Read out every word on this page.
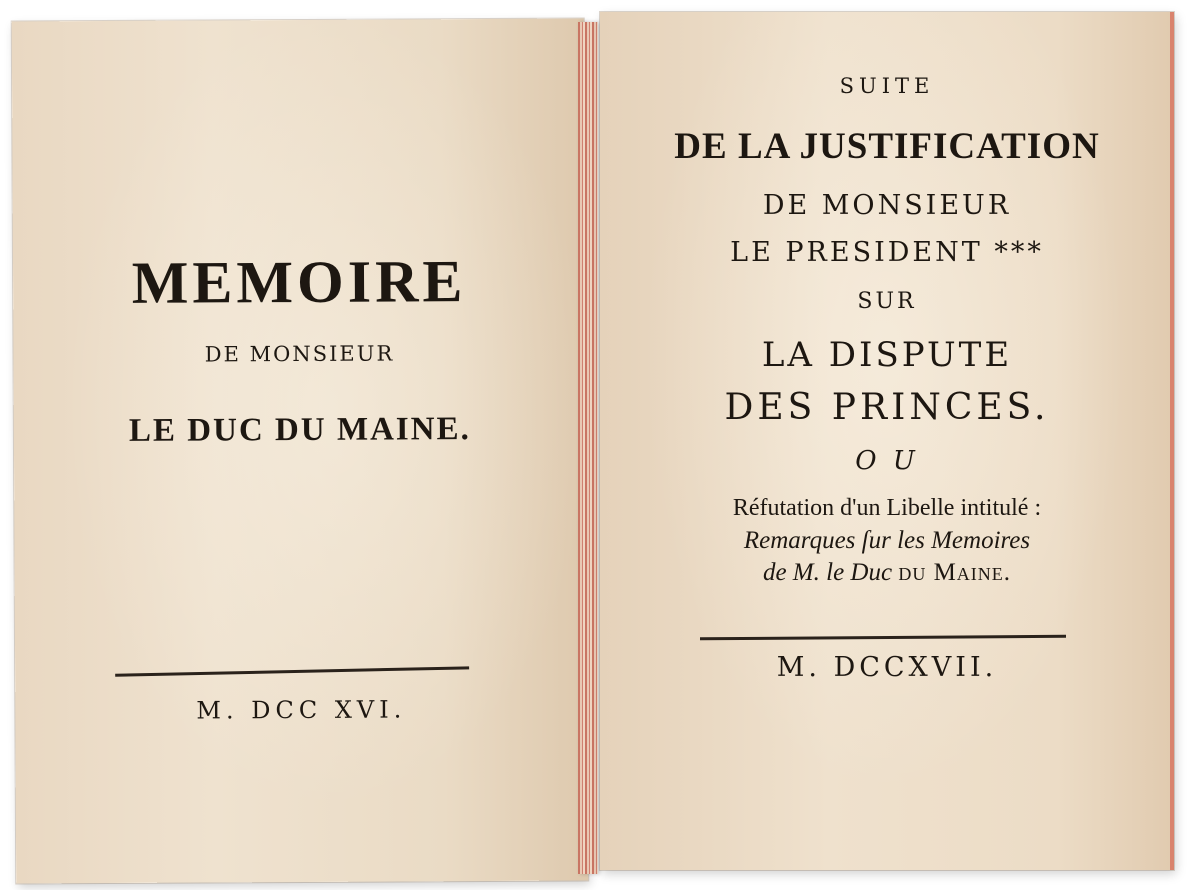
MEMOIRE
DE MONSIEUR
LE DUC DU MAINE.
M. DCC XVI.
SUITE
DE LA JUSTIFICATION
DE MONSIEUR
LE PRESIDENT ***
SUR
LA DISPUTE
DES PRINCES.
O U
Réfutation d'un Libelle intitulé :
Remarques ſur les Memoires
de M. le Duc du Maine.
M. DCCXVII.
